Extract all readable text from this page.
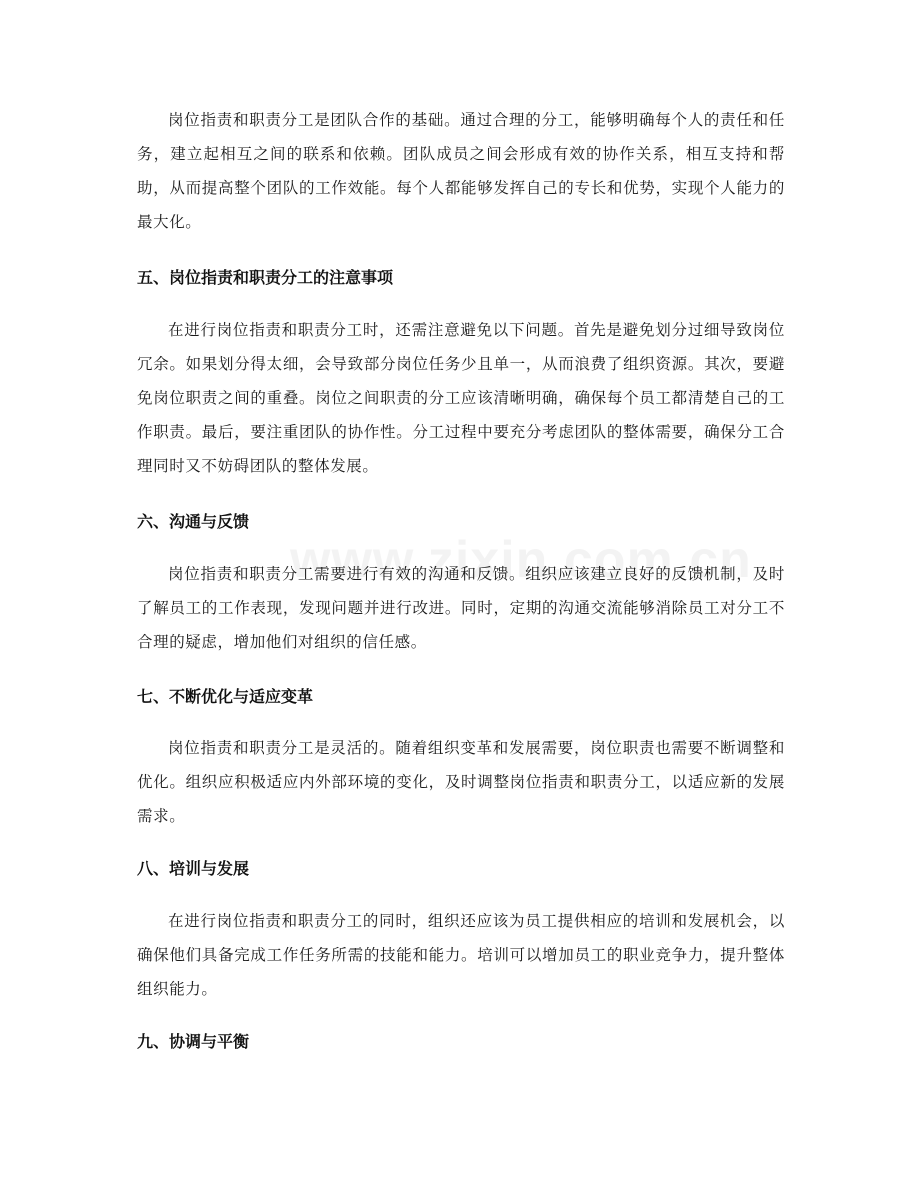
岗位指责和职责分工是团队合作的基础。通过合理的分工，能够明确每个人的责任和任务，建立起相互之间的联系和依赖。团队成员之间会形成有效的协作关系，相互支持和帮助，从而提高整个团队的工作效能。每个人都能够发挥自己的专长和优势，实现个人能力的最大化。

五、岗位指责和职责分工的注意事项

在进行岗位指责和职责分工时，还需注意避免以下问题。首先是避免划分过细导致岗位冗余。如果划分得太细，会导致部分岗位任务少且单一，从而浪费了组织资源。其次，要避免岗位职责之间的重叠。岗位之间职责的分工应该清晰明确，确保每个员工都清楚自己的工作职责。最后，要注重团队的协作性。分工过程中要充分考虑团队的整体需要，确保分工合理同时又不妨碍团队的整体发展。

六、沟通与反馈

岗位指责和职责分工需要进行有效的沟通和反馈。组织应该建立良好的反馈机制，及时了解员工的工作表现，发现问题并进行改进。同时，定期的沟通交流能够消除员工对分工不合理的疑虑，增加他们对组织的信任感。

七、不断优化与适应变革

岗位指责和职责分工是灵活的。随着组织变革和发展需要，岗位职责也需要不断调整和优化。组织应积极适应内外部环境的变化，及时调整岗位指责和职责分工，以适应新的发展需求。

八、培训与发展

在进行岗位指责和职责分工的同时，组织还应该为员工提供相应的培训和发展机会，以确保他们具备完成工作任务所需的技能和能力。培训可以增加员工的职业竞争力，提升整体组织能力。

九、协调与平衡
